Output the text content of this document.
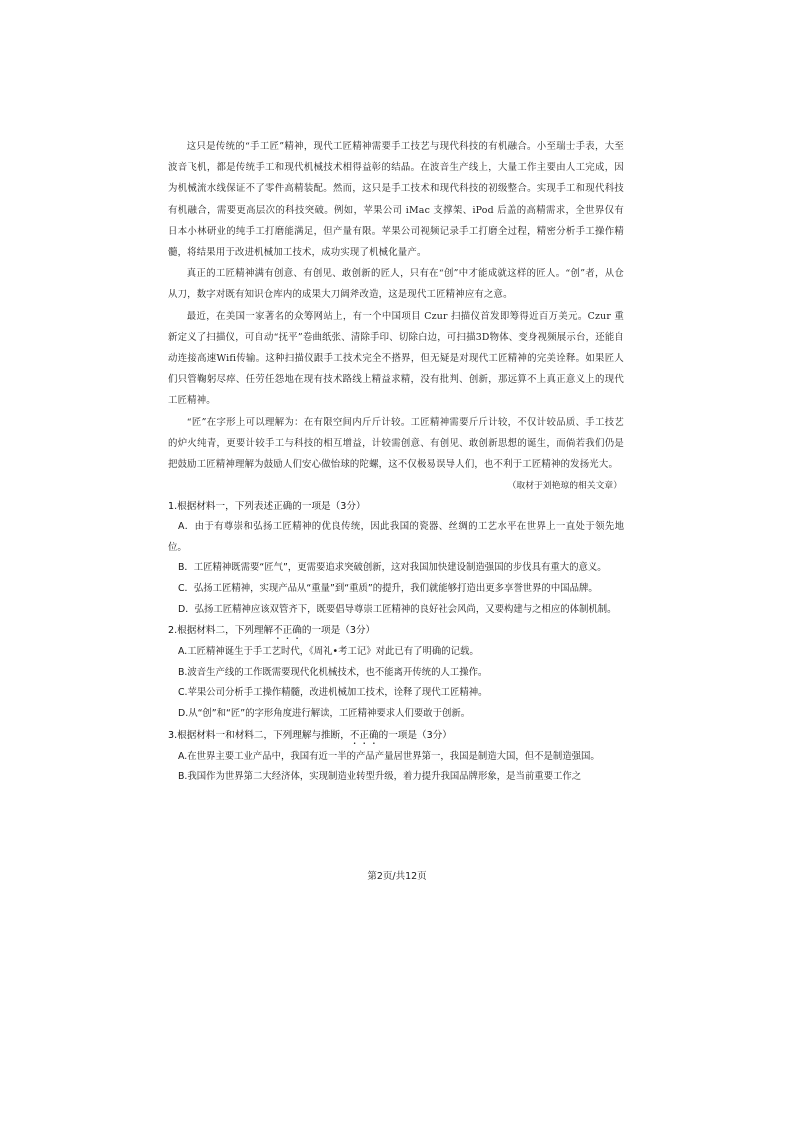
这只是传统的“手工匠”精神，现代工匠精神需要手工技艺与现代科技的有机融合。小至瑞士手表，大至波音飞机，都是传统手工和现代机械技术相得益彰的结晶。在波音生产线上，大量工作主要由人工完成，因为机械流水线保证不了零件高精装配。然而，这只是手工技术和现代科技的初级整合。实现手工和现代科技有机融合，需要更高层次的科技突破。例如，苹果公司 iMac 支撑架、iPod 后盖的高精需求，全世界仅有日本小林研业的纯手工打磨能满足，但产量有限。苹果公司视频记录手工打磨全过程，精密分析手工操作精髓，将结果用于改进机械加工技术，成功实现了机械化量产。

真正的工匠精神满有创意、有创见、敢创新的匠人，只有在“创”中才能成就这样的匠人。“创”者，从仓从刀，数字对既有知识仓库内的成果大刀阔斧改造，这是现代工匠精神应有之意。

最近，在美国一家著名的众筹网站上，有一个中国项目 Czur 扫描仪首发即筹得近百万美元。Czur 重新定义了扫描仪，可自动“抚平”卷曲纸张、清除手印、切除白边，可扫描3D物体、变身视频展示台，还能自动连接高速Wifi传输。这种扫描仪跟手工技术完全不搭界，但无疑是对现代工匠精神的完美诠释。如果匠人们只管鞠躬尽瘁、任劳任怨地在现有技术路线上精益求精，没有批判、创新，那远算不上真正意义上的现代工匠精神。

“匠”在字形上可以理解为：在有限空间内斤斤计较。工匠精神需要斤斤计较，不仅计较品质、手工技艺的炉火纯青，更要计较手工与科技的相互增益，计较需创意、有创见、敢创新思想的诞生，而倘若我们仍是把鼓励工匠精神理解为鼓励人们安心做怡球的陀螺，这不仅极易误导人们，也不利于工匠精神的发扬光大。

（取材于刘艳琼的相关文章）

1.根据材料一，下列表述正确的一项是（3分）

A．由于有尊崇和弘扬工匠精神的优良传统，因此我国的瓷器、丝绸的工艺水平在世界上一直处于领先地位。

B．工匠精神既需要“匠气”，更需要追求突破创新，这对我国加快建设制造强国的步伐具有重大的意义。

C．弘扬工匠精神，实现产品从“重量”到“重质”的提升，我们就能够打造出更多享誉世界的中国品牌。

D．弘扬工匠精神应该双管齐下，既要倡导尊崇工匠精神的良好社会风尚，又要构建与之相应的体制机制。

2.根据材料二，下列理解不正确的一项是（3分）

A.工匠精神诞生于手工艺时代，《周礼•考工记》对此已有了明确的记载。

B.波音生产线的工作既需要现代化机械技术，也不能离开传统的人工操作。

C.苹果公司分析手工操作精髓，改进机械加工技术，诠释了现代工匠精神。

D.从“创”和“匠”的字形角度进行解读，工匠精神要求人们要敢于创新。

3.根据材料一和材料二，下列理解与推断，不正确的一项是（3分）

A.在世界主要工业产品中，我国有近一半的产品产量居世界第一，我国是制造大国，但不是制造强国。

B.我国作为世界第二大经济体，实现制造业转型升级，着力提升我国品牌形象，是当前重要工作之

第2页/共12页
